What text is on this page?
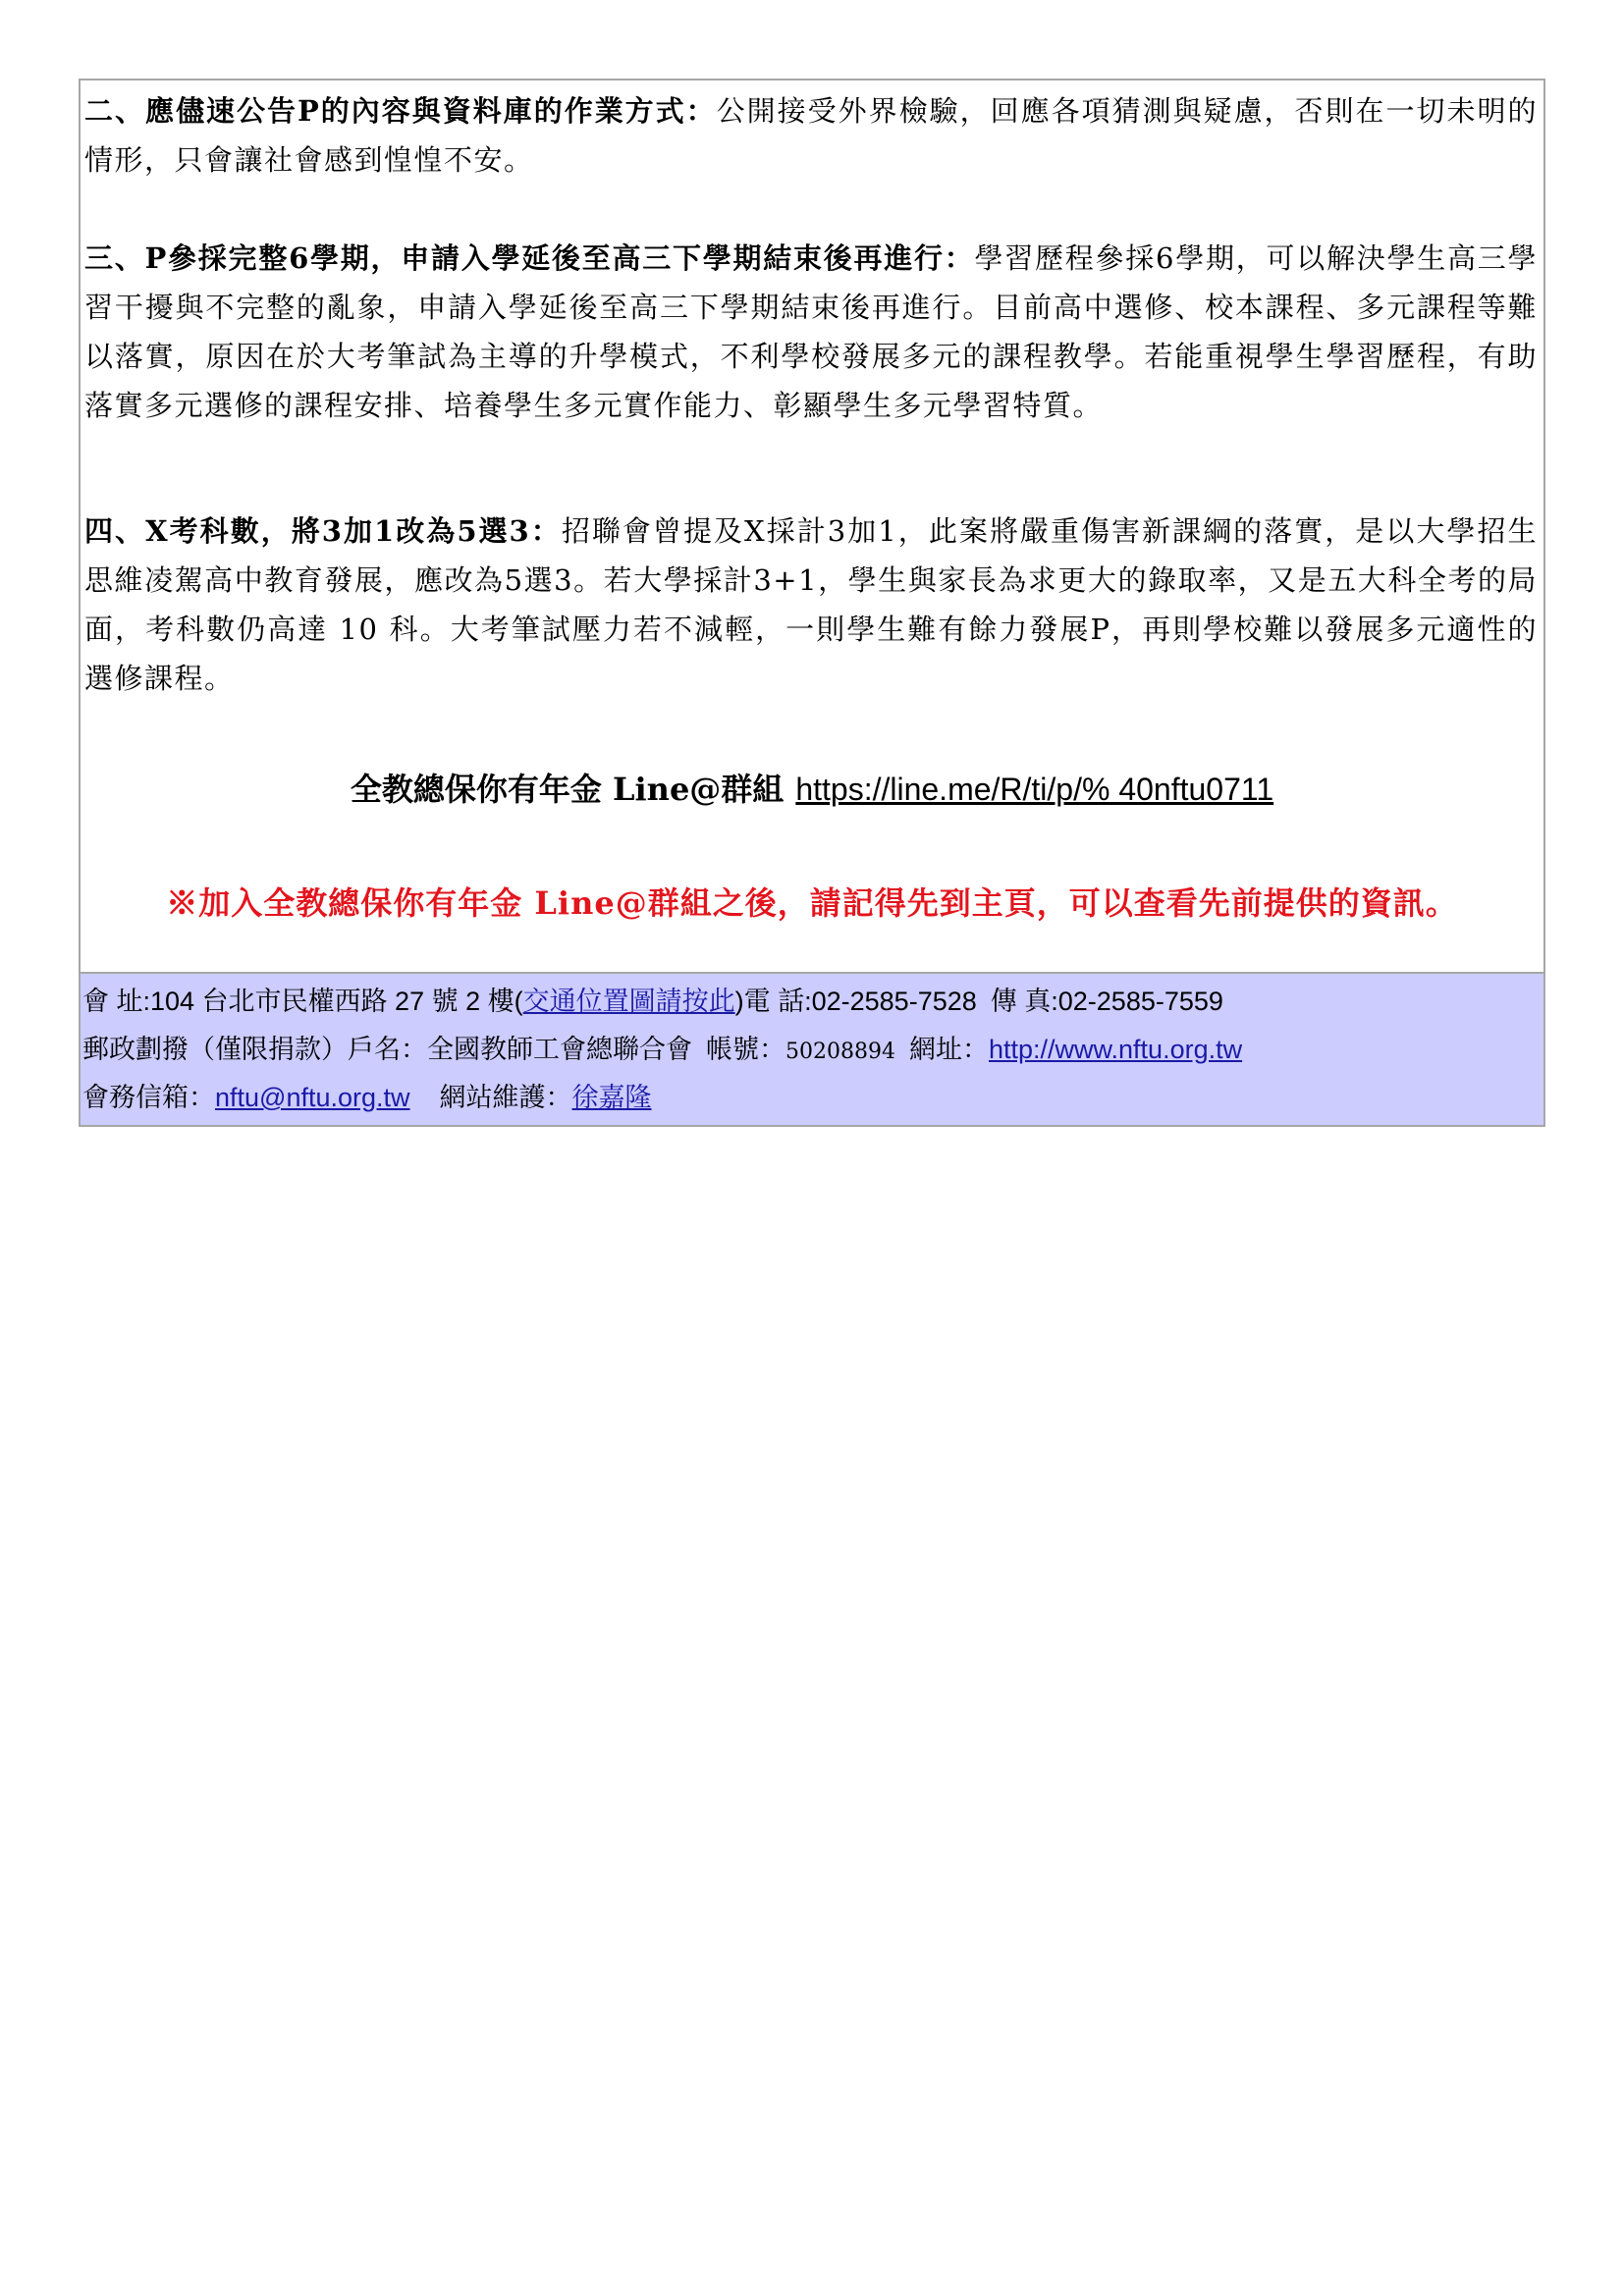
二、應儘速公告P的內容與資料庫的作業方式：公開接受外界檢驗，回應各項猜測與疑慮，否則在一切未明的情形，只會讓社會感到惶惶不安。

三、P參採完整6學期，申請入學延後至高三下學期結束後再進行：學習歷程參採6學期，可以解決學生高三學習干擾與不完整的亂象，申請入學延後至高三下學期結束後再進行。目前高中選修、校本課程、多元課程等難以落實，原因在於大考筆試為主導的升學模式，不利學校發展多元的課程教學。若能重視學生學習歷程，有助落實多元選修的課程安排、培養學生多元實作能力、彰顯學生多元學習特質。

四、X考科數，將3加1改為5選3：招聯會曾提及X採計3加1，此案將嚴重傷害新課綱的落實，是以大學招生思維凌駕高中教育發展，應改為5選3。若大學採計3+1，學生與家長為求更大的錄取率，又是五大科全考的局面，考科數仍高達 10 科。大考筆試壓力若不減輕，一則學生難有餘力發展P，再則學校難以發展多元適性的選修課程。

全教總保你有年金 Line@群組 https://line.me/R/ti/p/% 40nftu0711
※加入全教總保你有年金 Line@群組之後，請記得先到主頁，可以查看先前提供的資訊。
會 址:104 台北市民權西路 27 號 2 樓(交通位置圖請按此)電 話:02-2585-7528 傳 真:02-2585-7559
郵政劃撥（僅限捐款）戶名：全國教師工會總聯合會 帳號：50208894 網址：http://www.nftu.org.tw
會務信箱：nftu@nftu.org.tw 網站維護：徐嘉隆
